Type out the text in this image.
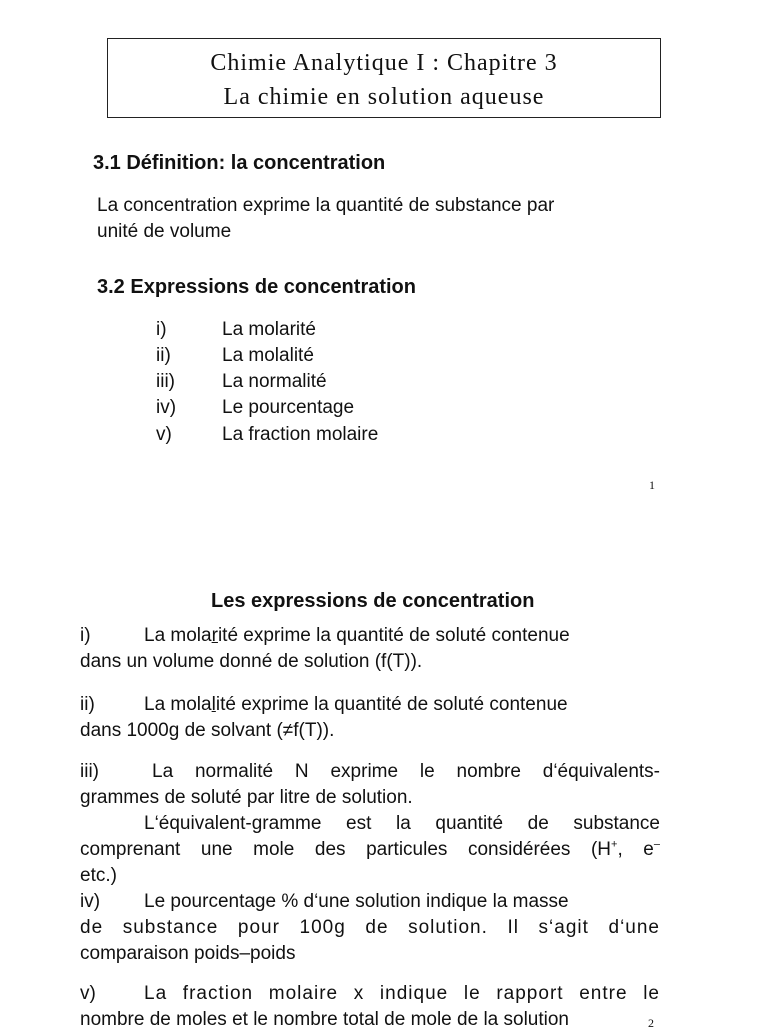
Chimie Analytique I : Chapitre 3
La chimie en solution aqueuse
3.1 Définition: la concentration
La concentration exprime la quantité de substance par
unité de volume
3.2 Expressions de concentration
i)	La molarité
ii)	La molalité
iii) La normalité
iv) Le pourcentage
v)	La fraction molaire
1
Les expressions de concentration
i)	La molarité exprime la quantité de soluté contenue
dans un volume donné de solution (f(T)).
ii)	La molalité exprime la quantité de soluté contenue
dans 1000g de solvant (≠f(T)).
iii)	La normalité N exprime le nombre d‘équivalents-
grammes de soluté par litre de solution.
L‘équivalent-gramme est la quantité de substance
comprenant une mole des particules considérées (H+, e–
etc.)
iv) Le pourcentage % d‘une solution indique la masse
de substance pour 100g de solution. Il s‘agit d‘une
comparaison poids–poids
v)	La fraction molaire x indique le rapport entre le
nombre de moles et le nombre total de mole de la solution	2
